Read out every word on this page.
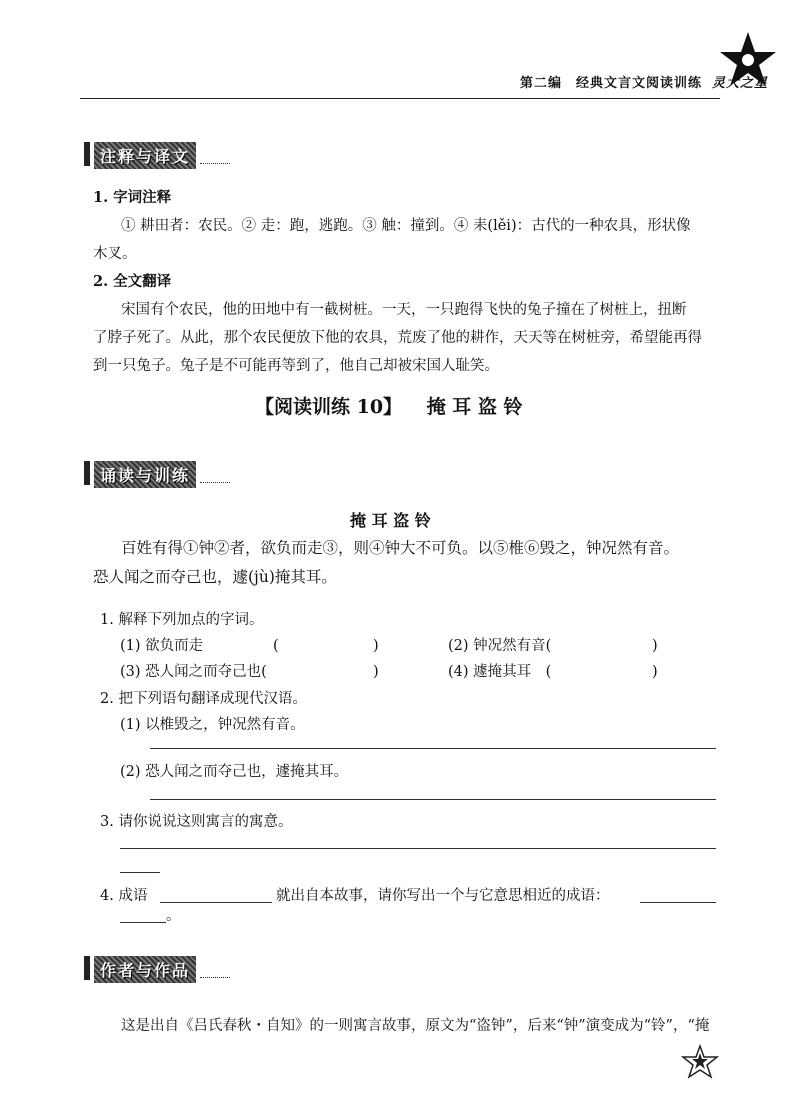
第二编　经典文言文阅读训练 灵犬之星
注释与译文
1. 字词注释
① 耕田者：农民。② 走：跑，逃跑。③ 触：撞到。④ 耒(lěi)：古代的一种农具，形状像
木叉。
2. 全文翻译
宋国有个农民，他的田地中有一截树桩。一天，一只跑得飞快的兔子撞在了树桩上，扭断
了脖子死了。从此，那个农民便放下他的农具，荒废了他的耕作，天天等在树桩旁，希望能再得
到一只兔子。兔子是不可能再等到了，他自己却被宋国人耻笑。
【阅读训练 10】 掩 耳 盗 铃
诵读与训练
掩 耳 盗 铃
百姓有得①钟②者，欲负而走③，则④钟大不可负。以⑤椎⑥毁之，钟况然有音。
恐人闻之而夺己也，遽(jù)掩其耳。
1. 解释下列加点的字词。
(1) 欲负而走	(	)	(2) 钟况然有音(	)
(3) 恐人闻之而夺己也(	)	(4) 遽掩其耳　(	)
2. 把下列语句翻译成现代汉语。
(1) 以椎毁之，钟况然有音。
(2) 恐人闻之而夺己也，遽掩其耳。
3. 请你说说这则寓言的寓意。
4. 成语	就出自本故事，请你写出一个与它意思相近的成语：
。
作者与作品
这是出自《吕氏春秋・自知》的一则寓言故事，原文为“盗钟”，后来“钟”演变成为“铃”，“掩
